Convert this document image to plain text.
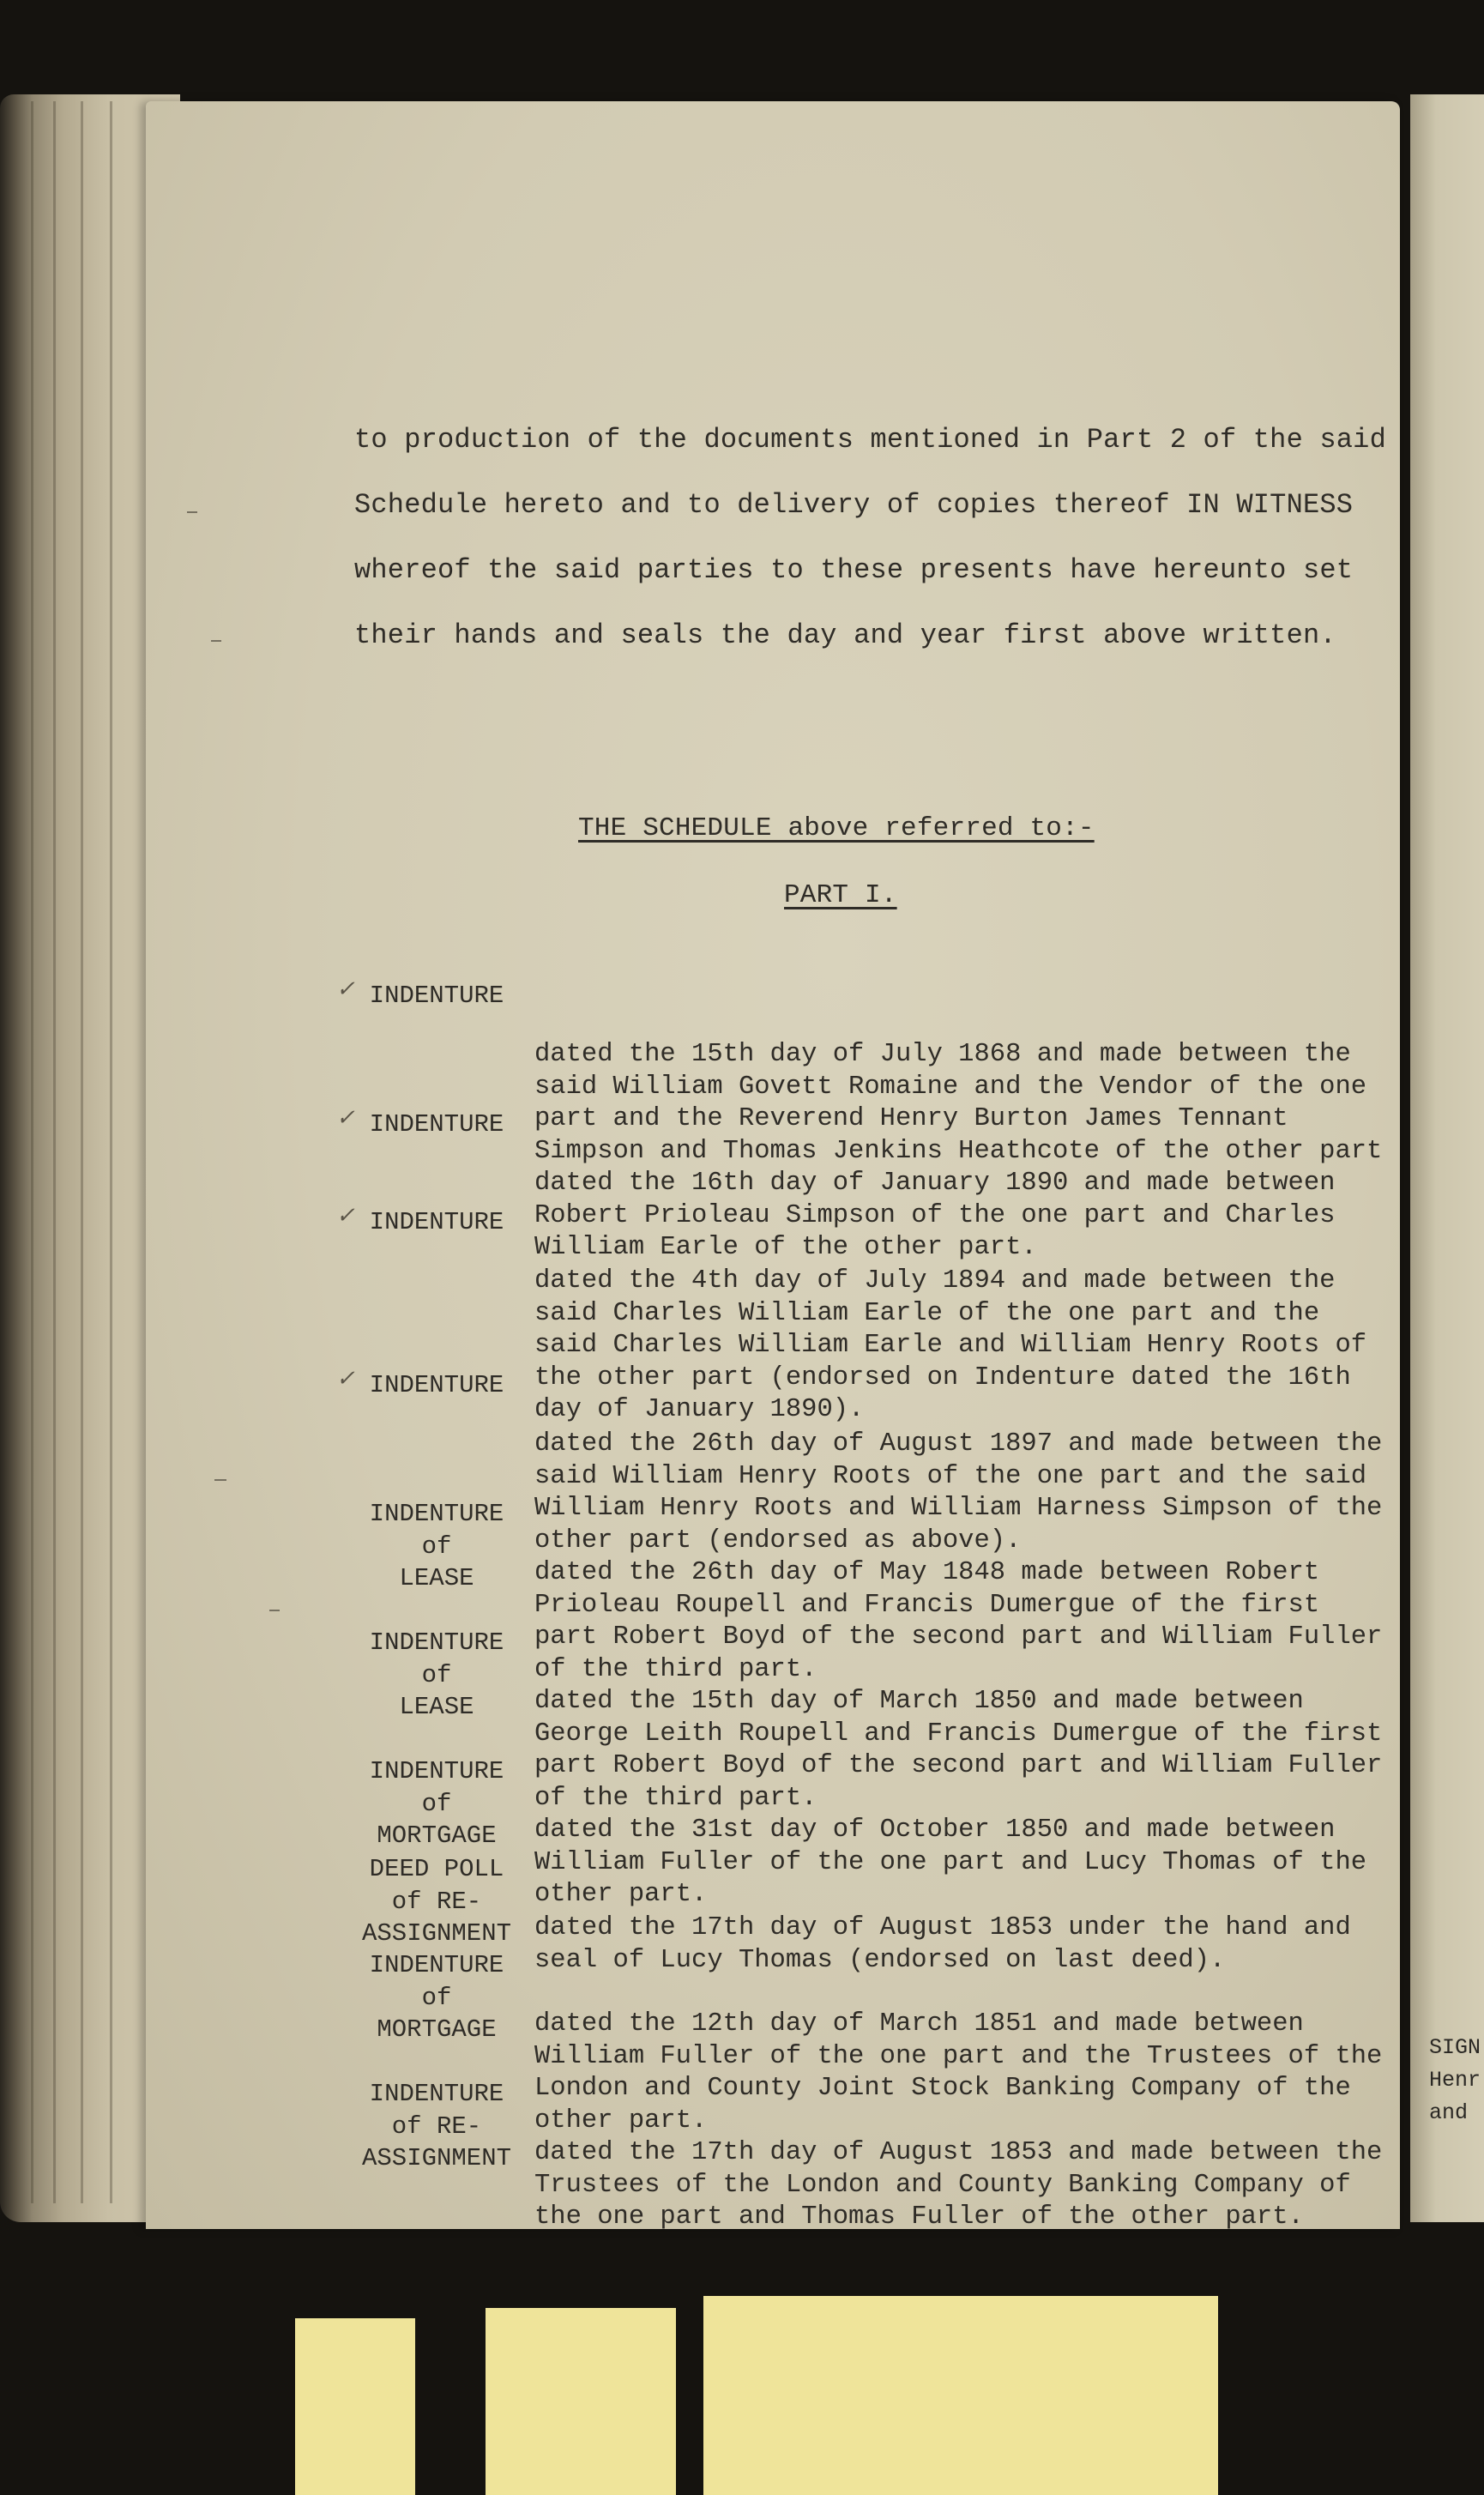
SIGN
Henr
and
to production of the documents mentioned in Part 2 of the said
Schedule hereto and to delivery of copies thereof IN WITNESS
whereof the said parties to these presents have hereunto set
their hands and seals the day and year first above written.
THE SCHEDULE above referred to:-
PART I.
✓ INDENTURE

dated the 15th day of July 1868 and made between the
said William Govett Romaine and the Vendor of the one
part and the Reverend Henry Burton James Tennant
Simpson and Thomas Jenkins Heathcote of the other part

✓ INDENTURE

dated the 16th day of January 1890 and made between
Robert Prioleau Simpson of the one part and Charles
William Earle of the other part.

✓ INDENTURE

dated the 4th day of July 1894 and made between the
said Charles William Earle of the one part and the
said Charles William Earle and William Henry Roots of
the other part (endorsed on Indenture dated the 16th
day of January 1890).

✓ INDENTURE

dated the 26th day of August 1897 and made between the
said William Henry Roots of the one part and the said
William Henry Roots and William Harness Simpson of the
other part (endorsed as above).

INDENTURE
of
LEASE

	dated the 26th day of May 1848 made between Robert
Prioleau Roupell and Francis Dumergue of the first
part Robert Boyd of the second part and William Fuller
of the third part.

INDENTURE
of
LEASE

	dated the 15th day of March 1850 and made between
George Leith Roupell and Francis Dumergue of the first
part Robert Boyd of the second part and William Fuller
of the third part.

INDENTURE
of
MORTGAGE

	dated the 31st day of October 1850 and made between
William Fuller of the one part and Lucy Thomas of the
other part.

DEED POLL
of RE-
ASSIGNMENT

dated the 17th day of August 1853 under the hand and
seal of Lucy Thomas (endorsed on last deed).

INDENTURE
of
MORTGAGE

	dated the 12th day of March 1851 and made between
William Fuller of the one part and the Trustees of the
London and County Joint Stock Banking Company of the
other part.

INDENTURE
of RE-
ASSIGNMENT

dated the 17th day of August 1853 and made between the
Trustees of the London and County Banking Company of
the one part and Thomas Fuller of the other part.
